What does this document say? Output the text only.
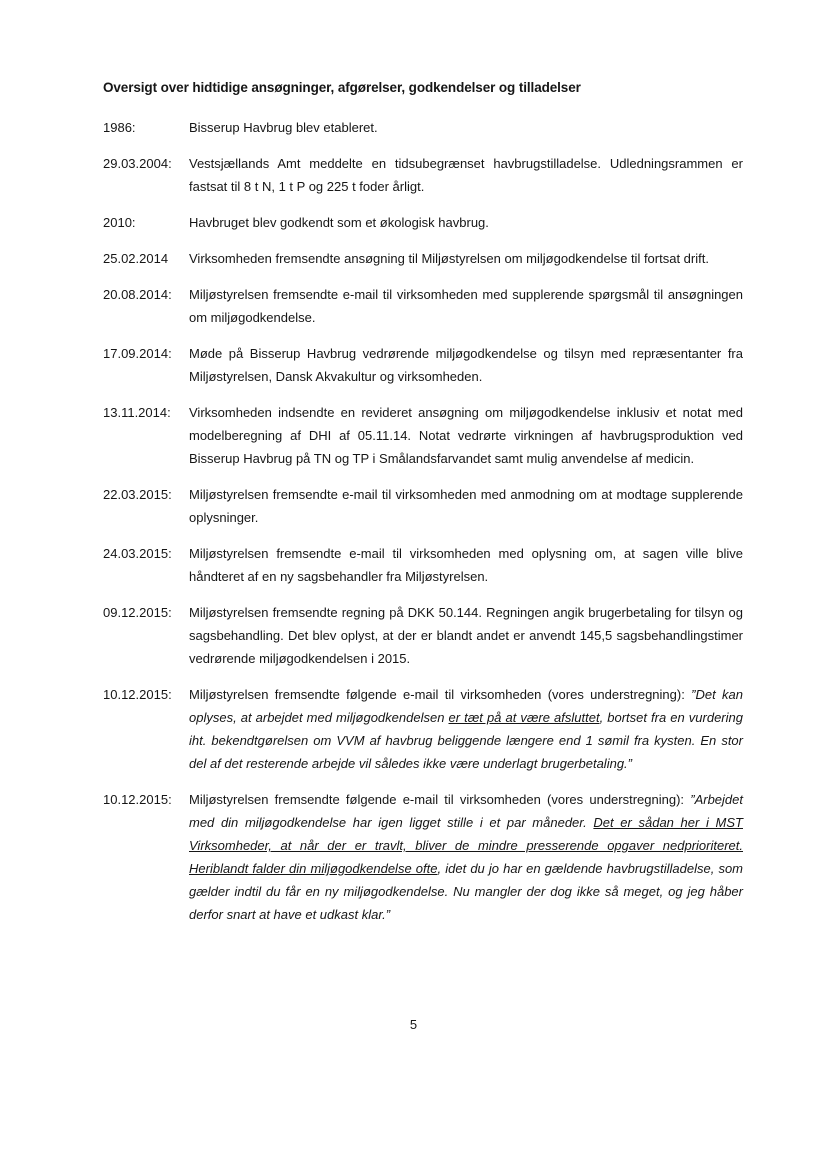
Oversigt over hidtidige ansøgninger, afgørelser, godkendelser og tilladelser
1986:	Bisserup Havbrug blev etableret.
29.03.2004:	Vestsjællands Amt meddelte en tidsubegrænset havbrugstilladelse. Udledningsrammen er fastsat til 8 t N, 1 t P og 225 t foder årligt.
2010:	Havbruget blev godkendt som et økologisk havbrug.
25.02.2014	Virksomheden fremsendte ansøgning til Miljøstyrelsen om miljøgodkendelse til fortsat drift.
20.08.2014:	Miljøstyrelsen fremsendte e-mail til virksomheden med supplerende spørgsmål til ansøgningen om miljøgodkendelse.
17.09.2014:	Møde på Bisserup Havbrug vedrørende miljøgodkendelse og tilsyn med repræsentanter fra Miljøstyrelsen, Dansk Akvakultur og virksomheden.
13.11.2014:	Virksomheden indsendte en revideret ansøgning om miljøgodkendelse inklusiv et notat med modelberegning af DHI af 05.11.14. Notat vedrørte virkningen af havbrugsproduktion ved Bisserup Havbrug på TN og TP i Smålandsfarvandet samt mulig anvendelse af medicin.
22.03.2015:	Miljøstyrelsen fremsendte e-mail til virksomheden med anmodning om at modtage supplerende oplysninger.
24.03.2015:	Miljøstyrelsen fremsendte e-mail til virksomheden med oplysning om, at sagen ville blive håndteret af en ny sagsbehandler fra Miljøstyrelsen.
09.12.2015:	Miljøstyrelsen fremsendte regning på DKK 50.144. Regningen angik brugerbetaling for tilsyn og sagsbehandling. Det blev oplyst, at der er blandt andet er anvendt 145,5 sagsbehandlingstimer vedrørende miljøgodkendelsen i 2015.
10.12.2015:	Miljøstyrelsen fremsendte følgende e-mail til virksomheden (vores understregning): ”Det kan oplyses, at arbejdet med miljøgodkendelsen er tæt på at være afsluttet, bortset fra en vurdering iht. bekendtgørelsen om VVM af havbrug beliggende længere end 1 sømil fra kysten. En stor del af det resterende arbejde vil således ikke være underlagt brugerbetaling.”
10.12.2015:	Miljøstyrelsen fremsendte følgende e-mail til virksomheden (vores understregning): ”Arbejdet med din miljøgodkendelse har igen ligget stille i et par måneder. Det er sådan her i MST Virksomheder, at når der er travlt, bliver de mindre presserende opgaver nedprioriteret. Heriblandt falder din miljøgodkendelse ofte, idet du jo har en gældende havbrugstilladelse, som gælder indtil du får en ny miljøgodkendelse. Nu mangler der dog ikke så meget, og jeg håber derfor snart at have et udkast klar.”
5
